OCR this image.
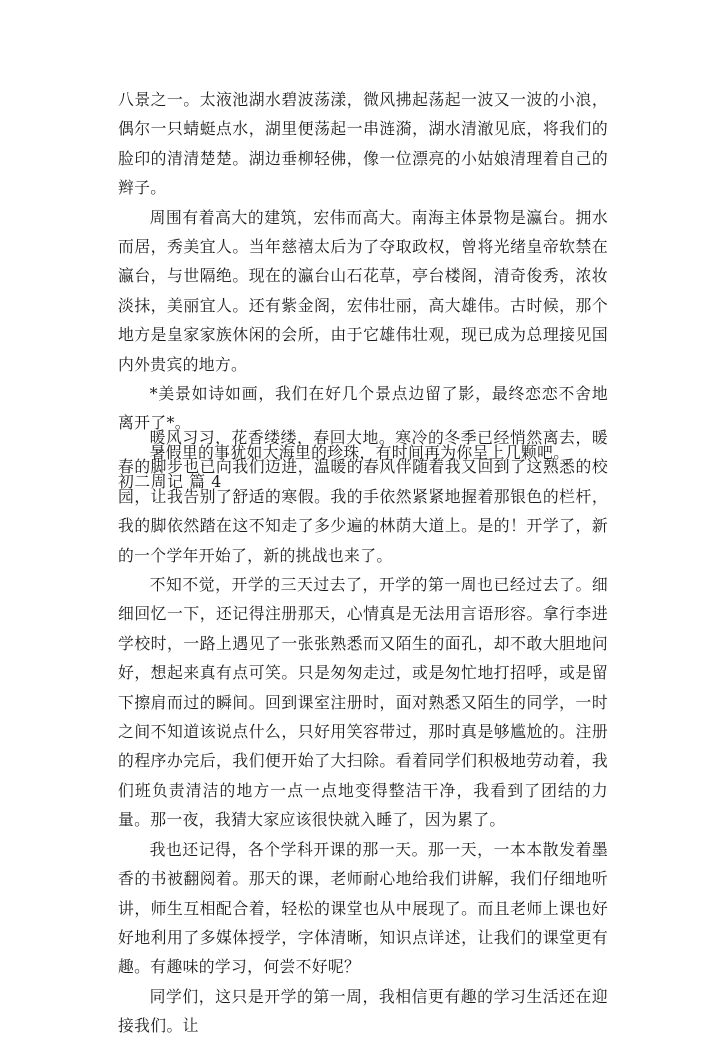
八景之一。太液池湖水碧波荡漾，微风拂起荡起一波又一波的小浪，偶尔一只蜻蜓点水，湖里便荡起一串涟漪，湖水清澈见底，将我们的脸印的清清楚楚。湖边垂柳轻佛，像一位漂亮的小姑娘清理着自己的辫子。

周围有着高大的建筑，宏伟而高大。南海主体景物是瀛台。拥水而居，秀美宜人。当年慈禧太后为了夺取政权，曾将光绪皇帝软禁在瀛台，与世隔绝。现在的瀛台山石花草，亭台楼阁，清奇俊秀，浓妆淡抹，美丽宜人。还有紫金阁，宏伟壮丽，高大雄伟。古时候，那个地方是皇家家族休闲的会所，由于它雄伟壮观，现已成为总理接见国内外贵宾的地方。

*美景如诗如画，我们在好几个景点边留了影，最终恋恋不舍地离开了*。

暑假里的事犹如大海里的珍珠，有时间再为你呈上几颗吧。

初二周记 篇 4

暖风习习，花香缕缕，春回大地。寒冷的冬季已经悄然离去，暖春的脚步也已向我们迈进，温暖的春风伴随着我又回到了这熟悉的校园，让我告别了舒适的寒假。我的手依然紧紧地握着那银色的栏杆，我的脚依然踏在这不知走了多少遍的林荫大道上。是的！开学了，新的一个学年开始了，新的挑战也来了。

不知不觉，开学的三天过去了，开学的第一周也已经过去了。细细回忆一下，还记得注册那天，心情真是无法用言语形容。拿行李进学校时，一路上遇见了一张张熟悉而又陌生的面孔，却不敢大胆地问好，想起来真有点可笑。只是匆匆走过，或是匆忙地打招呼，或是留下擦肩而过的瞬间。回到课室注册时，面对熟悉又陌生的同学，一时之间不知道该说点什么，只好用笑容带过，那时真是够尴尬的。注册的程序办完后，我们便开始了大扫除。看着同学们积极地劳动着，我们班负责清洁的地方一点一点地变得整洁干净，我看到了团结的力量。那一夜，我猜大家应该很快就入睡了，因为累了。

我也还记得，各个学科开课的那一天。那一天，一本本散发着墨香的书被翻阅着。那天的课，老师耐心地给我们讲解，我们仔细地听讲，师生互相配合着，轻松的课堂也从中展现了。而且老师上课也好好地利用了多媒体授学，字体清晰，知识点详述，让我们的课堂更有趣。有趣味的学习，何尝不好呢？

同学们，这只是开学的第一周，我相信更有趣的学习生活还在迎接我们。让
